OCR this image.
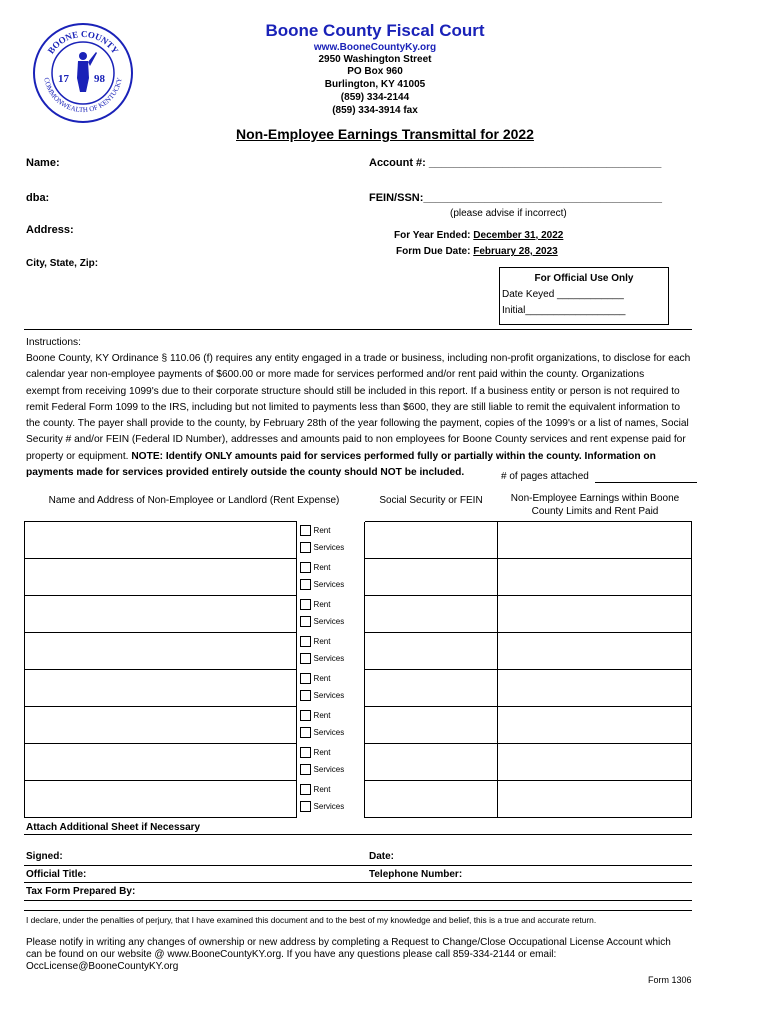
BOONE COUNTY
COMMONWEALTH OF KENTUCKY
17 98
Boone County Fiscal Court
www.BooneCountyKy.org
2950 Washington Street
PO Box 960
Burlington, KY 41005
(859) 334-2144
(859) 334-3914 fax
Non-Employee Earnings Transmittal for 2022
Name:	Account #: ______________________________________
dba:	FEIN/SSN:_______________________________________
(please advise if incorrect)
Address:	For Year Ended: December 31, 2022
Form Due Date: February 28, 2023
City, State, Zip:
For Official Use Only
Date Keyed ____________
Initial__________________
Instructions:
Boone County, KY Ordinance § 110.06 (f) requires any entity engaged in a trade or business, including non-profit organizations, to disclose for each
calendar year non-employee payments of $600.00 or more made for services performed and/or rent paid within the county. Organizations
exempt from receiving 1099's due to their corporate structure should still be included in this report. If a business entity or person is not required to
remit Federal Form 1099 to the IRS, including but not limited to payments less than $600, they are still liable to remit the equivalent information to
the county. The payer shall provide to the county, by February 28th of the year following the payment, copies of the 1099's or a list of names, Social
Security # and/or FEIN (Federal ID Number), addresses and amounts paid to non employees for Boone County services and rent expense paid for
property or equipment. NOTE: Identify ONLY amounts paid for services performed fully or partially within the county. Information on
payments made for services provided entirely outside the county should NOT be included.	# of pages attached
Name and Address of Non-Employee or Landlord (Rent Expense)	Social Security or FEIN	Non-Employee Earnings within Boone County Limits and Rent Paid

	Rent
Services		

	Rent
Services		

	Rent
Services		

	Rent
Services		

	Rent
Services		

	Rent
Services		

	Rent
Services		

	Rent
Services		

Attach Additional Sheet if Necessary
Signed:	Date:
Official Title:	Telephone Number:
Tax Form Prepared By:
I declare, under the penalties of perjury, that I have examined this document and to the best of my knowledge and belief, this is a true and accurate return.
Please notify in writing any changes of ownership or new address by completing a Request to Change/Close Occupational License Account which
can be found on our website @ www.BooneCountyKY.org. If you have any questions please call 859-334-2144 or email:
OccLicense@BooneCountyKY.org
Form 1306
